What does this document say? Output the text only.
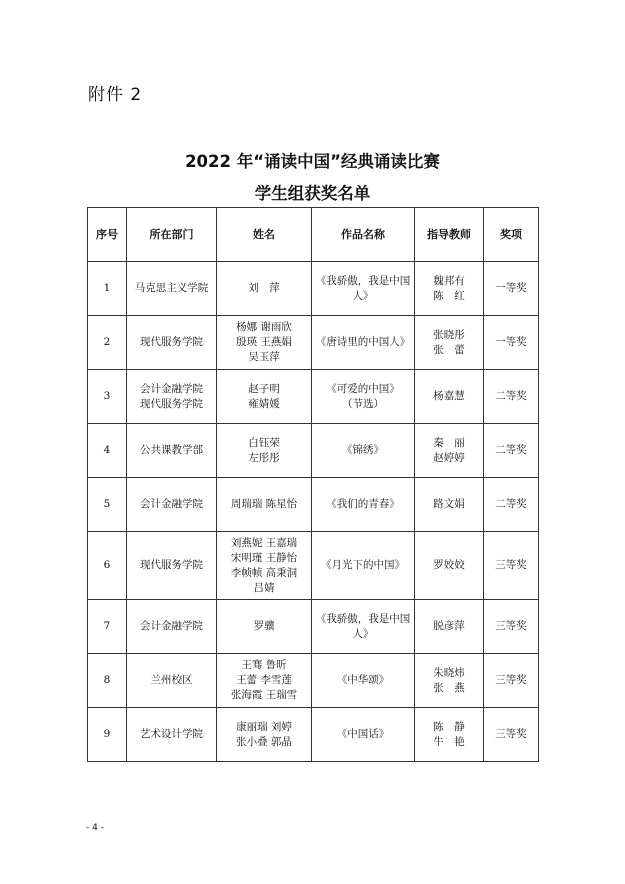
附件 2
2022 年“诵读中国”经典诵读比赛
学生组获奖名单
序号	所在部门	姓名	作品名称	指导教师	奖项
1	马克思主义学院	刘　萍	《我骄傲，我是中国
人》	魏邦有
陈　红	一等奖
2	现代服务学院	杨娜 谢雨欣
殷瑛 王燕娟
吴玉萍	《唐诗里的中国人》	张晓彤
张　蕾	一等奖
3	会计金融学院
现代服务学院	赵子明
雍婧媛	《可爱的中国》
（节选）	杨嘉慧	二等奖
4	公共课教学部	白钰荣
左彤彤	《锦绣》	秦　丽
赵婷婷	二等奖
5	会计金融学院	周瑞瑞 陈星怡	《我们的青春》	路文娟	二等奖
6	现代服务学院	刘燕妮 王嘉瑞
宋明瑾 王静怡
李帧帧 高秉洞
吕婧	《月光下的中国》	罗姣姣	三等奖
7	会计金融学院	罗骥	《我骄傲，我是中国
人》	脱彦萍	三等奖
8	兰州校区	王骞 鲁昕
王蕾 李雪莲
张海霞 王瑞雪	《中华颂》	朱晓炜
张　燕	三等奖
9	艺术设计学院	康丽瑞 刘婷
张小叠 郭晶	《中国话》	陈　静
牛　艳	三等奖
- 4 -
